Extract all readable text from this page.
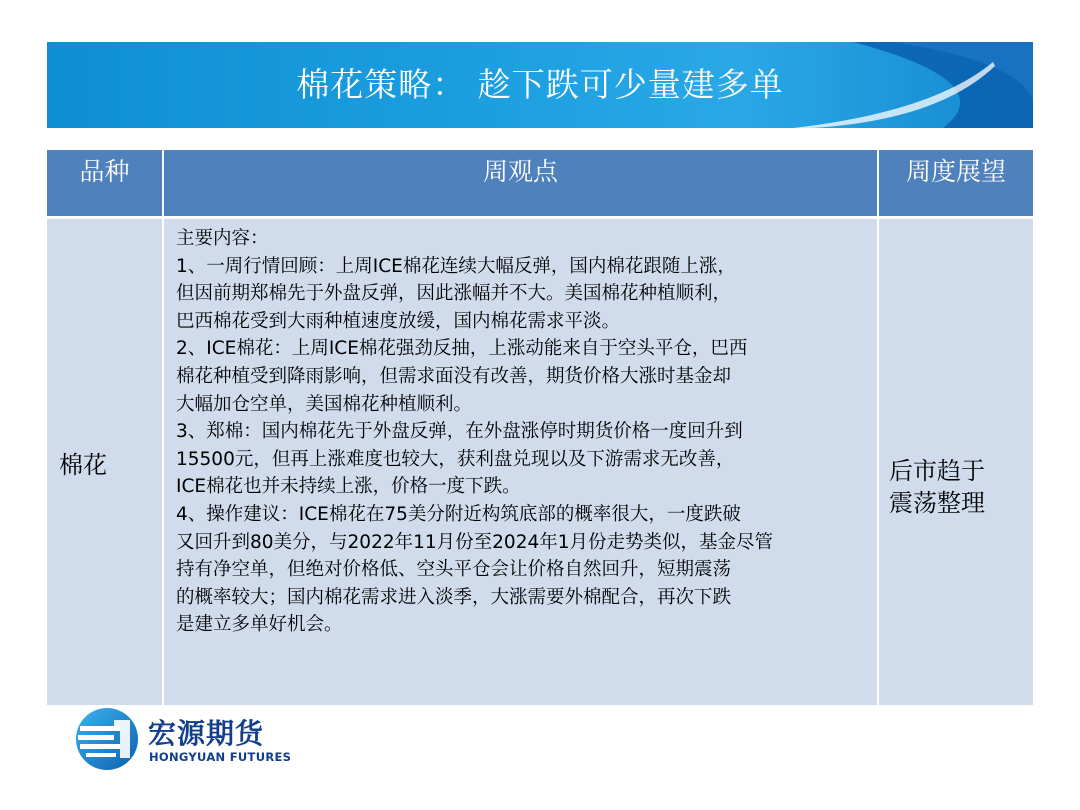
棉花策略： 趁下跌可少量建多单
品种	周观点	周度展望
棉花

主要内容：

1、一周行情回顾：上周ICE棉花连续大幅反弹，国内棉花跟随上涨，

但因前期郑棉先于外盘反弹，因此涨幅并不大。美国棉花种植顺利，

巴西棉花受到大雨种植速度放缓，国内棉花需求平淡。

2、ICE棉花：上周ICE棉花强劲反抽，上涨动能来自于空头平仓，巴西

棉花种植受到降雨影响，但需求面没有改善，期货价格大涨时基金却

大幅加仓空单，美国棉花种植顺利。

3、郑棉：国内棉花先于外盘反弹，在外盘涨停时期货价格一度回升到

15500元，但再上涨难度也较大，获利盘兑现以及下游需求无改善，

ICE棉花也并未持续上涨，价格一度下跌。

4、操作建议：ICE棉花在75美分附近构筑底部的概率很大，一度跌破

又回升到80美分，与2022年11月份至2024年1月份走势类似，基金尽管

持有净空单，但绝对价格低、空头平仓会让价格自然回升，短期震荡

的概率较大；国内棉花需求进入淡季，大涨需要外棉配合，再次下跌

是建立多单好机会。

后市趋于
震荡整理
宏源期货
HONGYUAN FUTURES
